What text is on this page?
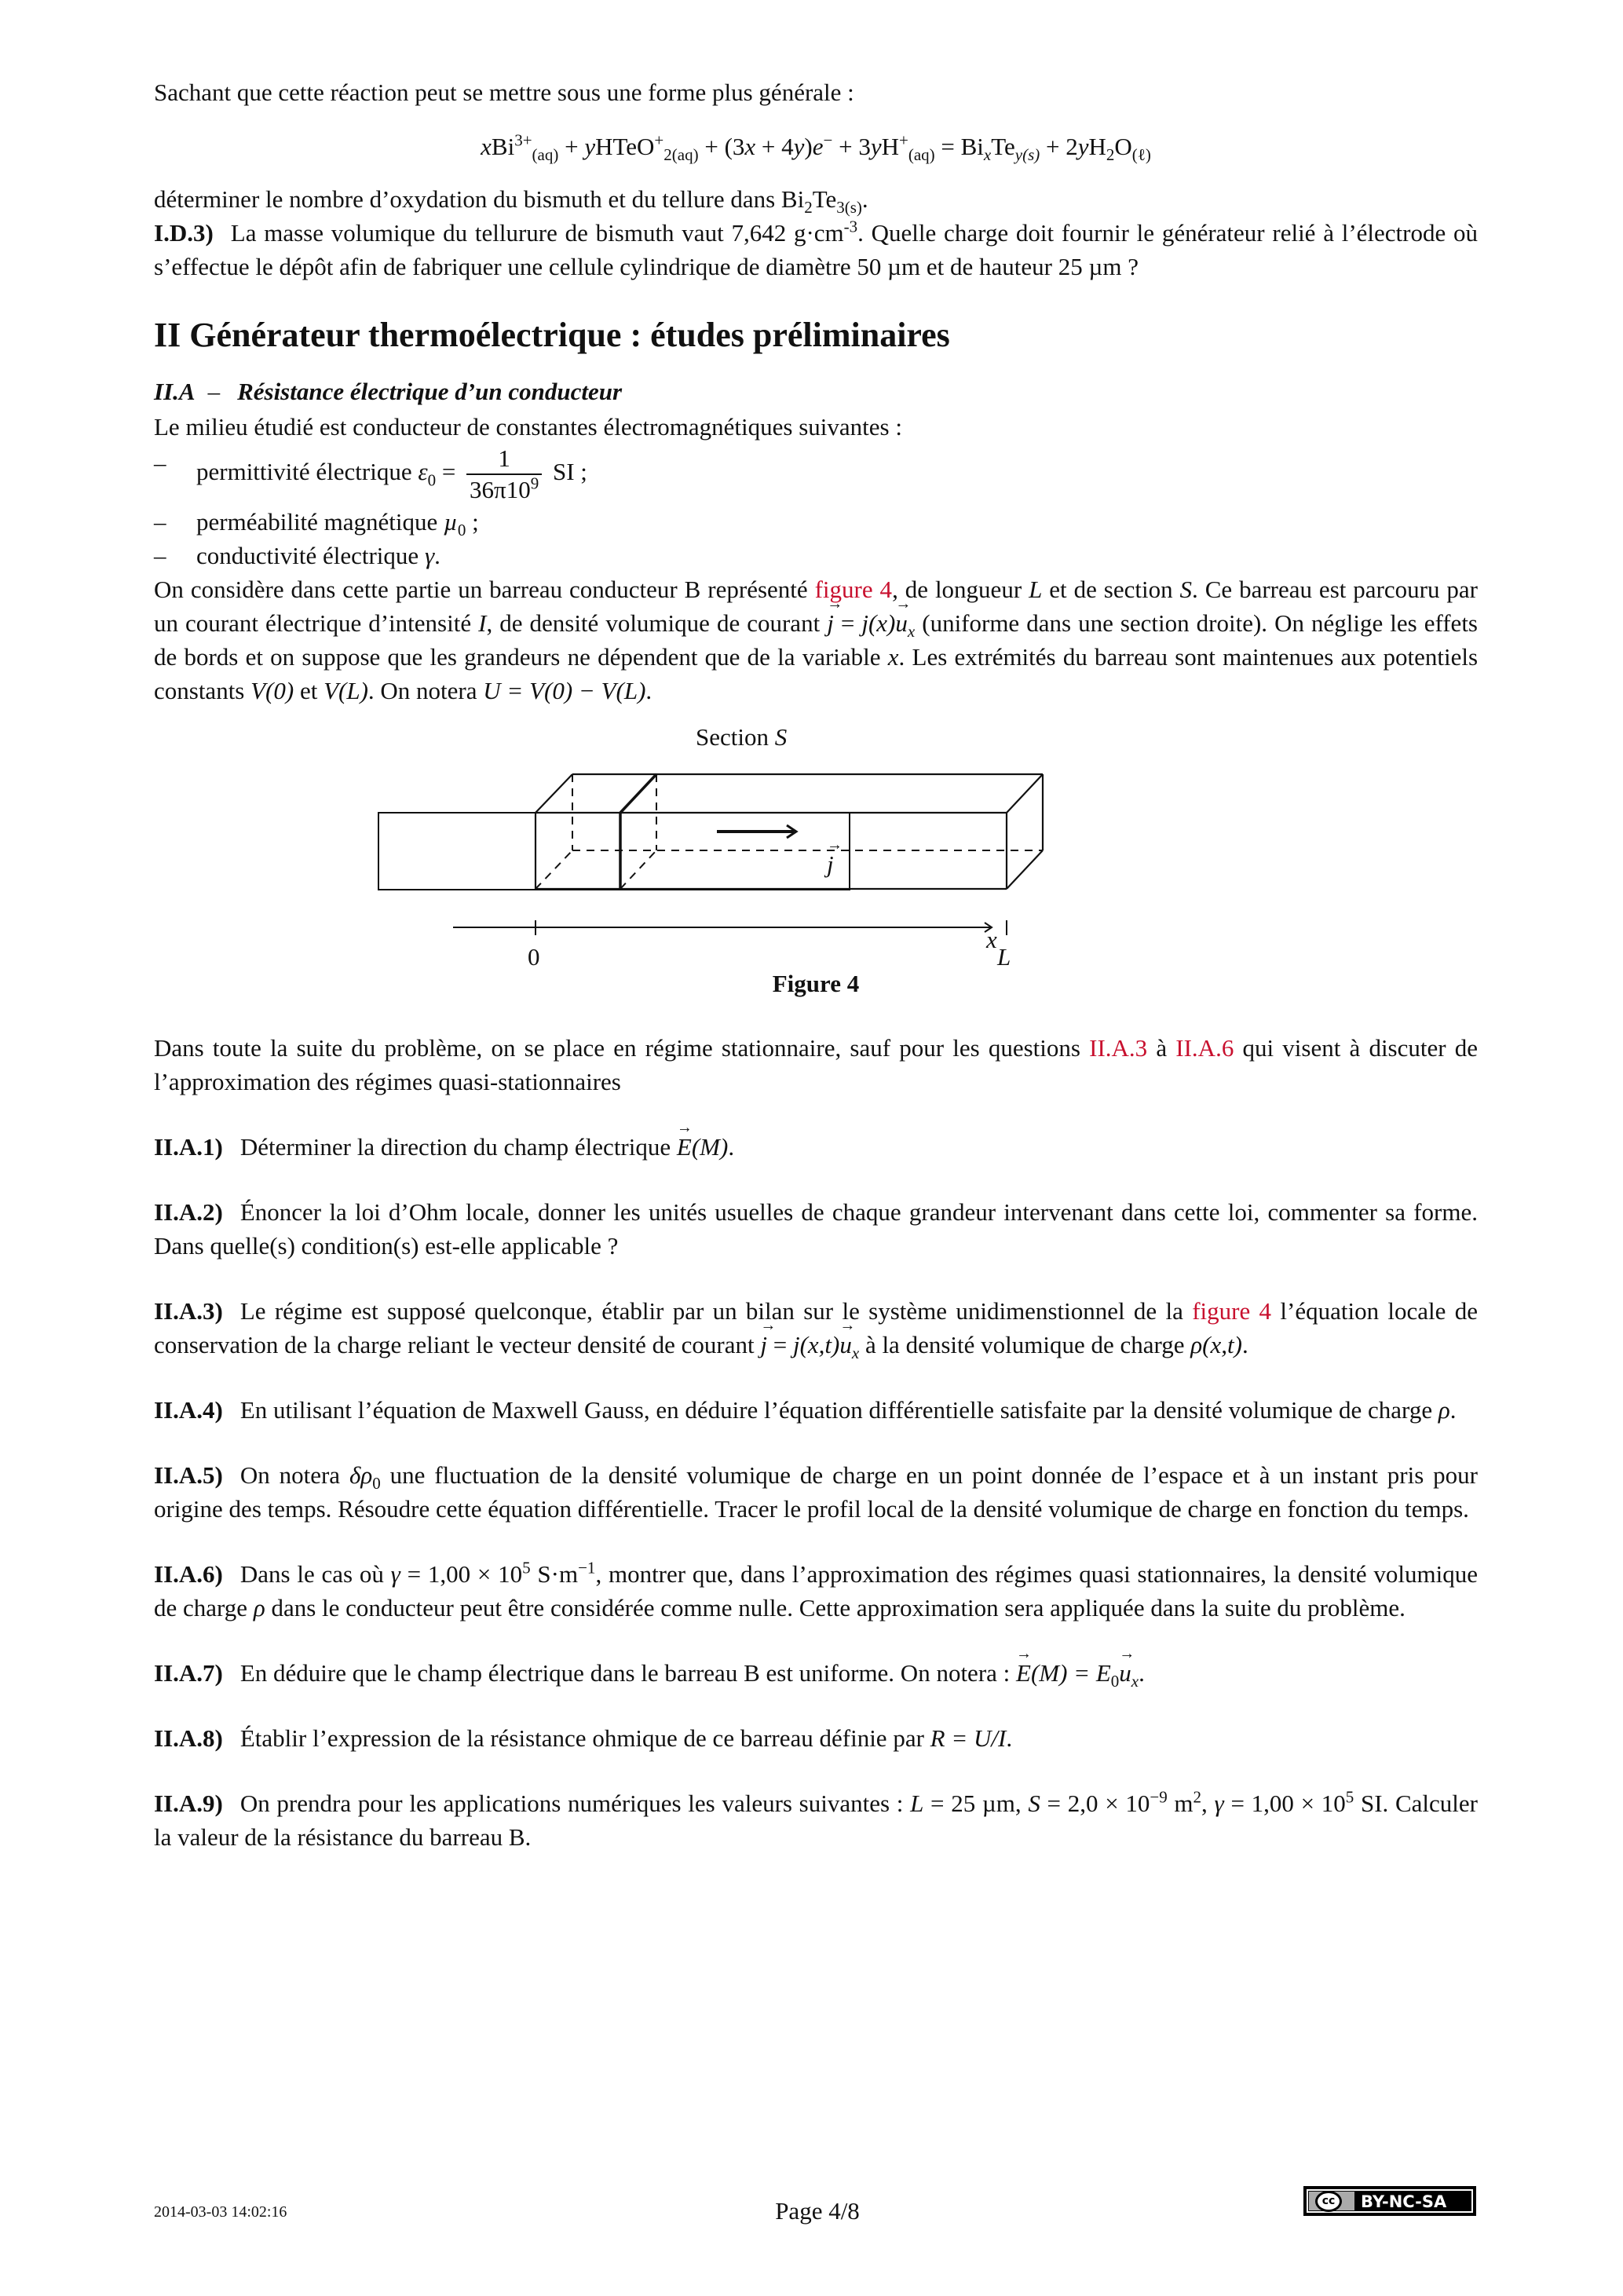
Sachant que cette réaction peut se mettre sous une forme plus générale :

xBi$^{3+}_{(aq)}$ + yHTeO+$_{2(aq)}$ + $(3x + 4y)e^- + 3yH^+_{(aq)} = Bi_xTe_{y(s)} + 2yH_2O_{(\ell)}$

déterminer le nombre d’oxydation du bismuth et du tellure dans $Bi_2Te_{3(s)}$.

I.D.3) La masse volumique du tellurure de bismuth vaut 7,642 $g\cdot cm^{-3}$. Quelle charge doit fournir le générateur relié à l’électrode où s’effectue le dépôt afin de fabriquer une cellule cylindrique de diamètre 50 µm et de hauteur 25 µm ?

II Générateur thermoélectrique : études préliminaires
II.A – Résistance électrique d’un conducteur

Le milieu étudié est conducteur de constantes électromagnétiques suivantes :

– permittivité électrique $\varepsilon_0 = \frac{1}{36\pi 10^9}$ SI ;
– perméabilité magnétique µ$_0$ ;
– conductivité électrique γ.

On considère dans cette partie un barreau conducteur B représenté figure 4, de longueur L et de section S. Ce barreau est parcouru par un courant électrique d’intensité I, de densité volumique de courant → $j = j(x)\to u_x$ (uniforme dans une section droite). On néglige les effets de bords et on suppose que les grandeurs ne dépendent que de la variable x. Les extrémités du barreau sont maintenues aux potentiels constants V(0) et V(L). On notera U = V(0) − V(L).

Section S
→ j
0	L
x
Figure 4

Dans toute la suite du problème, on se place en régime stationnaire, sauf pour les questions II.A.3 à II.A.6 qui visent à discuter de l’approximation des régimes quasi-stationnaires

II.A.1) Déterminer la direction du champ électrique → E(M).

II.A.2) Énoncer la loi d’Ohm locale, donner les unités usuelles de chaque grandeur intervenant dans cette loi, commenter sa forme. Dans quelle(s) condition(s) est-elle applicable ?

II.A.3) Le régime est supposé quelconque, établir par un bilan sur le système unidimenstionnel de la figure 4 l’équation locale de conservation de la charge reliant le vecteur densité de courant → $j = j(x,t)\to u_x$ à la densité volumique de charge ρ(x,t).

II.A.4) En utilisant l’équation de Maxwell Gauss, en déduire l’équation différentielle satisfaite par la densité volumique de charge ρ.

II.A.5) On notera $\delta\rho_0$ une fluctuation de la densité volumique de charge en un point donnée de l’espace et à un instant pris pour origine des temps. Résoudre cette équation différentielle. Tracer le profil local de la densité volumique de charge en fonction du temps.

II.A.6) Dans le cas où $\gamma = 1,00 \times 10^5$ $S\cdot m^{-1}$, montrer que, dans l’approximation des régimes quasi stationnaires, la densité volumique de charge ρ dans le conducteur peut être considérée comme nulle. Cette approximation sera appliquée dans la suite du problème.

II.A.7) En déduire que le champ électrique dans le barreau B est uniforme. On notera : → $E(M) = E_0\to u_x$.

II.A.8) Établir l’expression de la résistance ohmique de ce barreau définie par R = U/I.

II.A.9) On prendra pour les applications numériques les valeurs suivantes : L = 25 µm, $S = 2,0 \times 10^{-9}$ $m^2$, $\gamma = 1,00 \times 10^5$ SI. Calculer la valeur de la résistance du barreau B.

2014-03-03 14:02:16	Page 4/8	cc	BY-NC-SA
